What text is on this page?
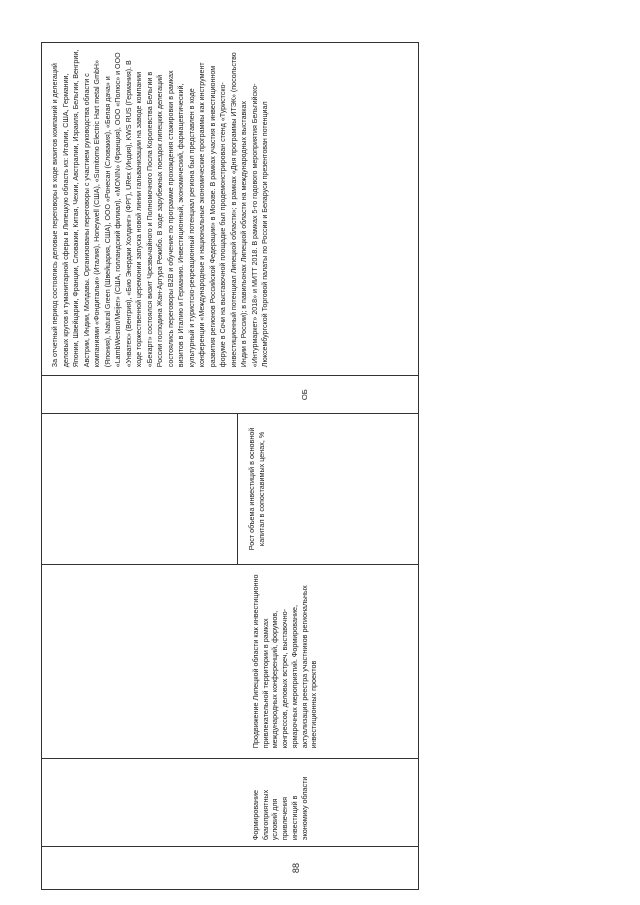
88
Формирование благоприятных условий для привлечения инвестиций в экономику области
Продвижение Липецкой области как инвестиционно привлекательной территории в рамках международных конференций, форумов, конгрессов, деловых встреч, выставочно-ярмарочных мероприятий. Формирование, актуализация реестра участников региональных инвестиционных проектов
Рост объема инвестиций в основной капитал в сопоставимых ценах, %
ОБ
За отчетный период состоялись деловые переговоры в ходе визитов компаний и делегаций деловых кругов и туманитарной сферы в Липецкую область из: Италии, США, Германии, Японии, Швейцарии, Франции, Словакии, Китая, Чехии, Австралии, Израиля, Бельгии, Венгрии, Австрии, Индии, Молдавы. Организованы переговоры с участием руководства области с компаниями «Фондитальи» (Италия), Honeywell (США), «Sumitomo Electric Hart metal GmbH» (Япония), Natural Green (Швейцария, США), ООО «Ронесан (Словакия), «Белая дача» и «LambWeston/Meijer» (США, голландский филиал), «MONIN» (Франция), ООО «Полюс» и ООО «Унватех» (Венгрия), «Био Энерджи Холдинг» (ФРГ), URex (Индия), KWS RUS (Германия). В ходе торжественной церемонии запуска новой линии гальванизации на заводе компании «Бекарт» состоялся визит Чрезвычайного и Полномочного Посла Королевства Бельгии в России господина Жан-Артура Режибо. В ходе зарубежных поездок липецких делегаций состоялись переговоры B2B и обучение по программе прохождения стажировки в рамках визитов в Италию и Германию. Инвестиционный, экономический, фармацевтический, культурный и туристско-рекреационный потенциал региона был представлен в ходе конференции «Международные и национальные экономические программы как инструмент развития регионов Российской Федерации» в Москве. В рамках участия в инвестиционном форуме в Сочи на выставочной площадке был продемонстрирован стенд «Туристско-инвестиционный потенциал Липецкой области»; в рамках «Дня программы ИТЭК» (посольство Индии в России); в павильонах Липецкой области на международных выставках «Интурмаркет» 2018» и МИТТ 2018. В рамках 5-го годового мероприятия Бельгийско-Люксембургской Торговой палаты по России и Беларуси презентован потенциал
